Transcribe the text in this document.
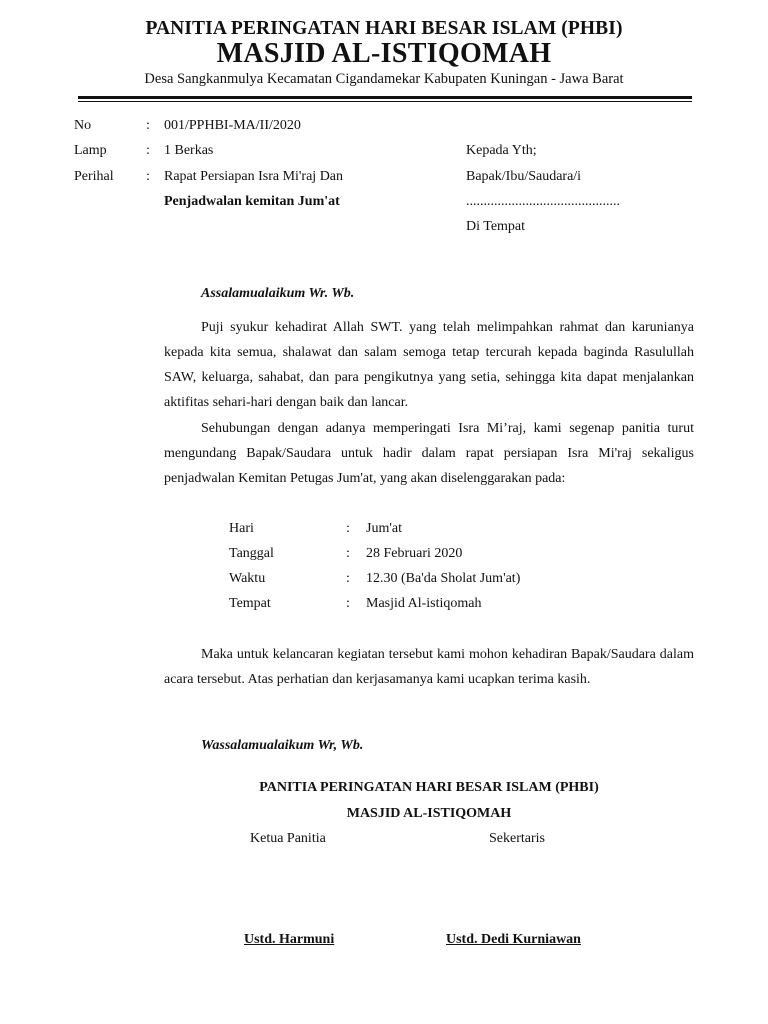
PANITIA PERINGATAN HARI BESAR ISLAM (PHBI)
MASJID AL-ISTIQOMAH
Desa Sangkanmulya Kecamatan Cigandamekar Kabupaten Kuningan - Jawa Barat
No	: 001/PPHBI-MA/II/2020
Lamp	: 1 Berkas
Perihal : Rapat Persiapan Isra Mi'raj Dan
Penjadwalan kemitan Jum'at
Kepada Yth;
Bapak/Ibu/Saudara/i
............................................
Di Tempat
Assalamualaikum Wr. Wb.

Puji syukur kehadirat Allah SWT. yang telah melimpahkan rahmat dan karunianya kepada kita semua, shalawat dan salam semoga tetap tercurah kepada baginda Rasulullah SAW, keluarga, sahabat, dan para pengikutnya yang setia, sehingga kita dapat menjalankan aktifitas sehari-hari dengan baik dan lancar.

Sehubungan dengan adanya memperingati Isra Mi’raj, kami segenap panitia turut mengundang Bapak/Saudara untuk hadir dalam rapat persiapan Isra Mi'raj sekaligus penjadwalan Kemitan Petugas Jum'at, yang akan diselenggarakan pada:

Hari	: Jum'at
Tanggal	: 28 Februari 2020
Waktu	: 12.30 (Ba'da Sholat Jum'at)
Tempat	: Masjid Al-istiqomah

Maka untuk kelancaran kegiatan tersebut kami mohon kehadiran Bapak/Saudara dalam acara tersebut. Atas perhatian dan kerjasamanya kami ucapkan terima kasih.

Wassalamualaikum Wr, Wb.
PANITIA PERINGATAN HARI BESAR ISLAM (PHBI)
MASJID AL-ISTIQOMAH
Ketua Panitia	Sekertaris
Ustd. Harmuni	Ustd. Dedi Kurniawan
